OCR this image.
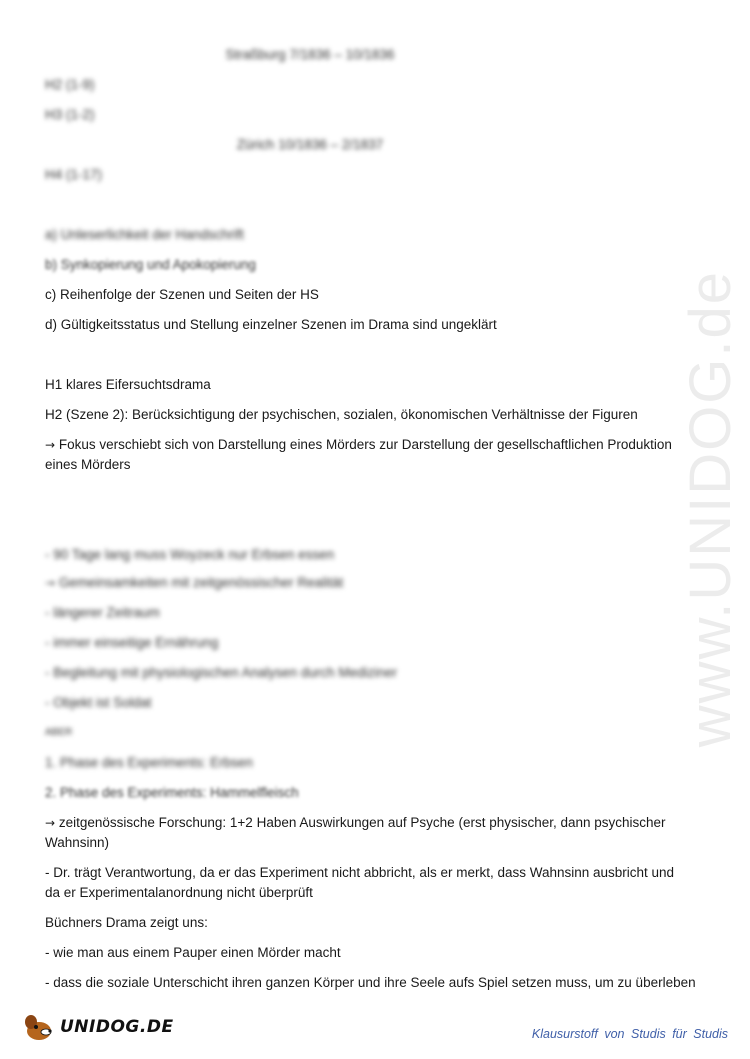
www.UNIDOG.de
Straßburg 7/1836 – 10/1836
H2 (1-9)
H3 (1-2)
Zürich 10/1836 – 2/1837
H4 (1-17)
a) Unleserlichkeit der Handschrift
b) Synkopierung und Apokopierung
c) Reihenfolge der Szenen und Seiten der HS
d) Gültigkeitsstatus und Stellung einzelner Szenen im Drama sind ungeklärt
H1 klares Eifersuchtsdrama
H2 (Szene 2): Berücksichtigung der psychischen, sozialen, ökonomischen Verhältnisse der Figuren
→ Fokus verschiebt sich von Darstellung eines Mörders zur Darstellung der gesellschaftlichen Produktion
eines Mörders
- 90 Tage lang muss Woyzeck nur Erbsen essen
→ Gemeinsamkeiten mit zeitgenössischer Realität
- längerer Zeitraum
- immer einseitige Ernährung
- Begleitung mit physiologischen Analysen durch Mediziner
- Objekt ist Soldat
ABER
1. Phase des Experiments: Erbsen
2. Phase des Experiments: Hammelfleisch
→ zeitgenössische Forschung: 1+2 Haben Auswirkungen auf Psyche (erst physischer, dann psychischer
Wahnsinn)
- Dr. trägt Verantwortung, da er das Experiment nicht abbricht, als er merkt, dass Wahnsinn ausbricht und
da er Experimentalanordnung nicht überprüft
Büchners Drama zeigt uns:
- wie man aus einem Pauper einen Mörder macht
- dass die soziale Unterschicht ihren ganzen Körper und ihre Seele aufs Spiel setzen muss, um zu überleben
UNIDOG.DE	Klausurstoff von Studis für Studis
